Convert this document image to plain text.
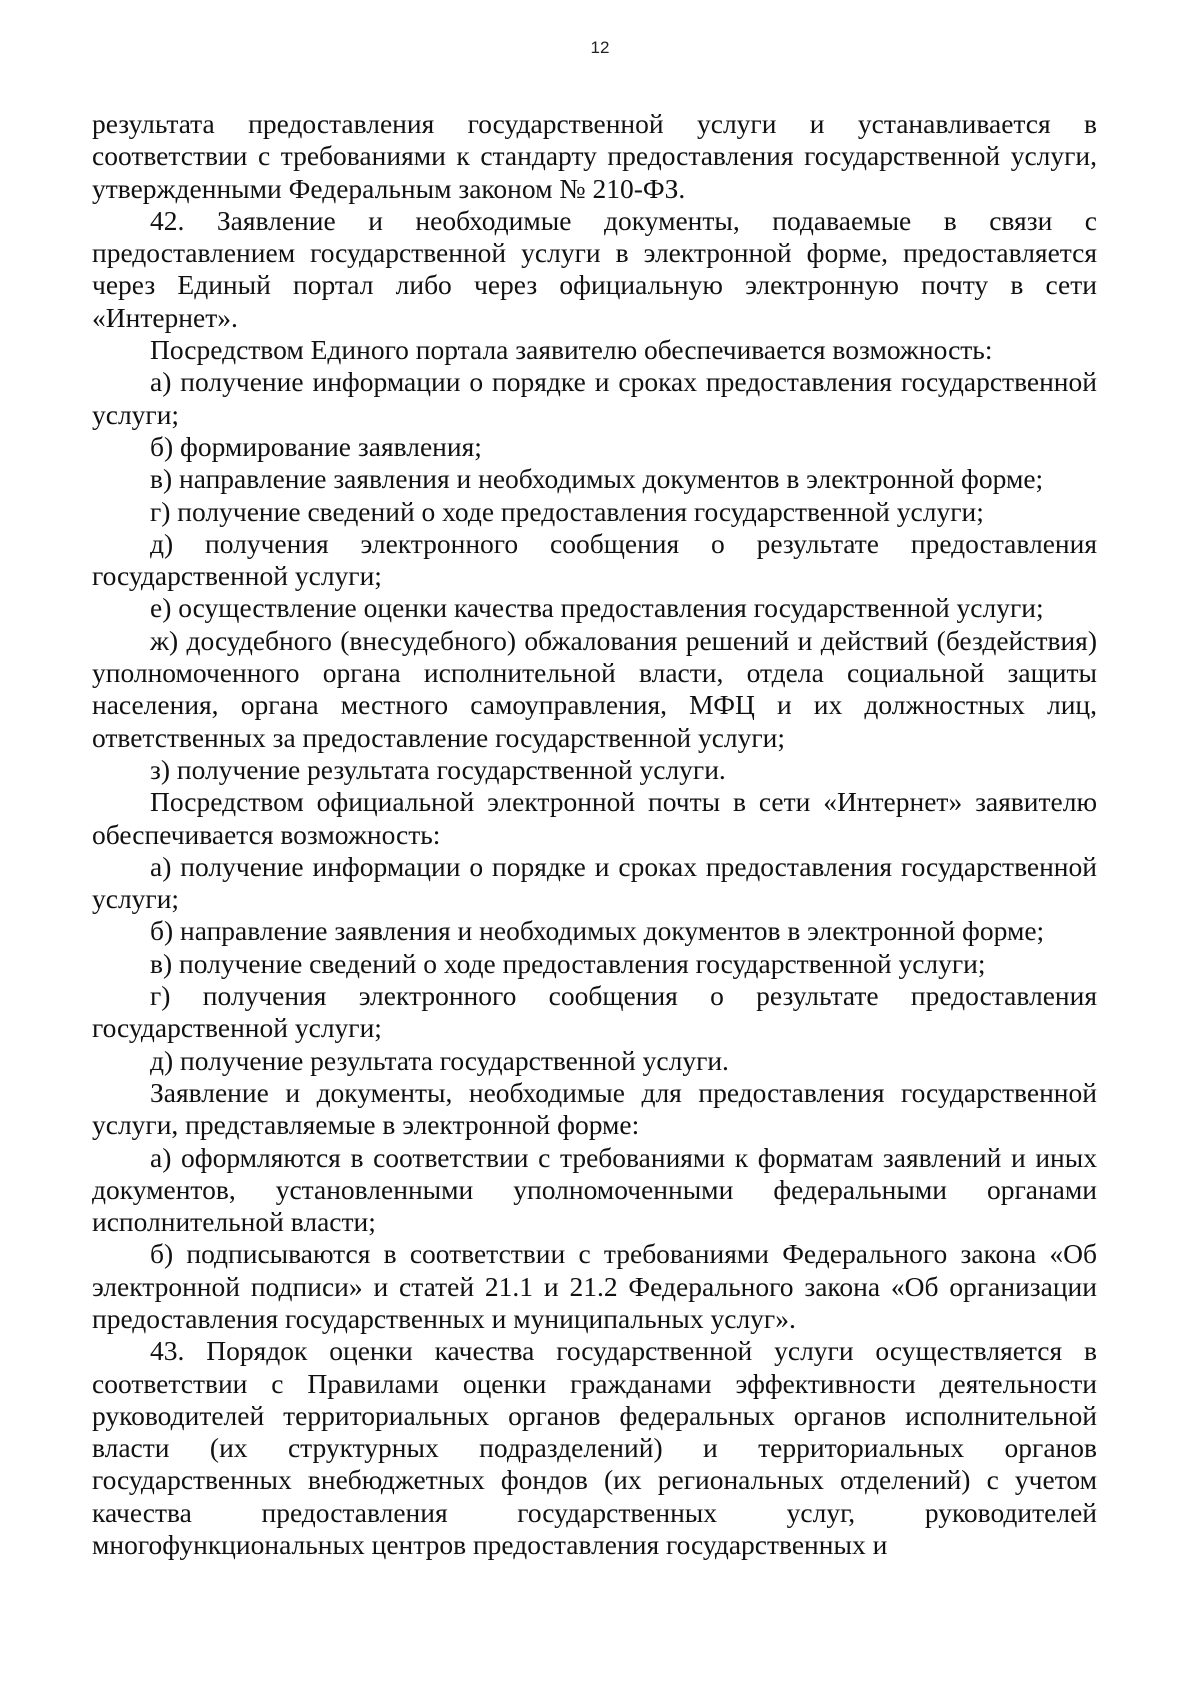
12

результата предоставления государственной услуги и устанавливается в соответствии с требованиями к стандарту предоставления государственной услуги, утвержденными Федеральным законом № 210-ФЗ.

42. Заявление и необходимые документы, подаваемые в связи с предоставлением государственной услуги в электронной форме, предоставляется через Единый портал либо через официальную электронную почту в сети «Интернет».

Посредством Единого портала заявителю обеспечивается возможность:

а) получение информации о порядке и сроках предоставления государственной услуги;

б) формирование заявления;

в) направление заявления и необходимых документов в электронной форме;

г) получение сведений о ходе предоставления государственной услуги;

д) получения электронного сообщения о результате предоставления государственной услуги;

е) осуществление оценки качества предоставления государственной услуги;

ж) досудебного (внесудебного) обжалования решений и действий (бездействия) уполномоченного органа исполнительной власти, отдела социальной защиты населения, органа местного самоуправления, МФЦ и их должностных лиц, ответственных за предоставление государственной услуги;

з) получение результата государственной услуги.

Посредством официальной электронной почты в сети «Интернет» заявителю обеспечивается возможность:

а) получение информации о порядке и сроках предоставления государственной услуги;

б) направление заявления и необходимых документов в электронной форме;

в) получение сведений о ходе предоставления государственной услуги;

г) получения электронного сообщения о результате предоставления государственной услуги;

д) получение результата государственной услуги.

Заявление и документы, необходимые для предоставления государственной услуги, представляемые в электронной форме:

а) оформляются в соответствии с требованиями к форматам заявлений и иных документов, установленными уполномоченными федеральными органами исполнительной власти;

б) подписываются в соответствии с требованиями Федерального закона «Об электронной подписи» и статей 21.1 и 21.2 Федерального закона «Об организации предоставления государственных и муниципальных услуг».

43. Порядок оценки качества государственной услуги осуществляется в соответствии с Правилами оценки гражданами эффективности деятельности руководителей территориальных органов федеральных органов исполнительной власти (их структурных подразделений) и территориальных органов государственных внебюджетных фондов (их региональных отделений) с учетом качества предоставления государственных услуг, руководителей многофункциональных центров предоставления государственных и
